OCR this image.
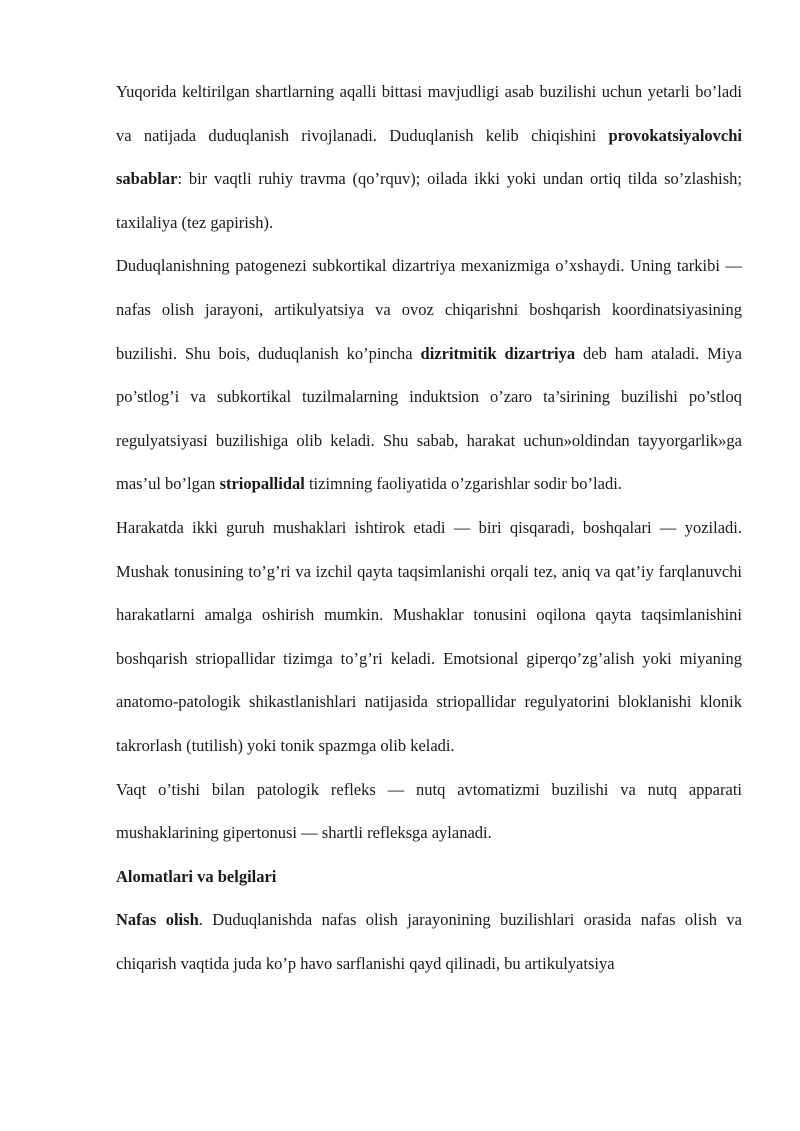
Yuqorida keltirilgan shartlarning aqalli bittasi mavjudligi asab buzilishi uchun yetarli bo’ladi va natijada duduqlanish rivojlanadi. Duduqlanish kelib chiqishini provokatsiyalovchi sabablar: bir vaqtli ruhiy travma (qo’rquv); oilada ikki yoki undan ortiq tilda so’zlashish; taxilaliya (tez gapirish).

Duduqlanishning patogenezi subkortikal dizartriya mexanizmiga o’xshaydi. Uning tarkibi — nafas olish jarayoni, artikulyatsiya va ovoz chiqarishni boshqarish koordinatsiyasining buzilishi. Shu bois, duduqlanish ko’pincha dizritmitik dizartriya deb ham ataladi. Miya po’stlog’i va subkortikal tuzilmalarning induktsion o’zaro ta’sirining buzilishi po’stloq regulyatsiyasi buzilishiga olib keladi. Shu sabab, harakat uchun»oldindan tayyorgarlik»ga mas’ul bo’lgan striopallidal tizimning faoliyatida o’zgarishlar sodir bo’ladi.

Harakatda ikki guruh mushaklari ishtirok etadi — biri qisqaradi, boshqalari — yoziladi. Mushak tonusining to’g’ri va izchil qayta taqsimlanishi orqali tez, aniq va qat’iy farqlanuvchi harakatlarni amalga oshirish mumkin. Mushaklar tonusini oqilona qayta taqsimlanishini boshqarish striopallidar tizimga to’g’ri keladi. Emotsional giperqo’zg’alish yoki miyaning anatomo-patologik shikastlanishlari natijasida striopallidar regulyatorini bloklanishi klonik takrorlash (tutilish) yoki tonik spazmga olib keladi.

Vaqt o’tishi bilan patologik refleks — nutq avtomatizmi buzilishi va nutq apparati mushaklarining gipertonusi — shartli refleksga aylanadi.

Alomatlari va belgilari

Nafas olish. Duduqlanishda nafas olish jarayonining buzilishlari orasida nafas olish va chiqarish vaqtida juda ko’p havo sarflanishi qayd qilinadi, bu artikulyatsiya
